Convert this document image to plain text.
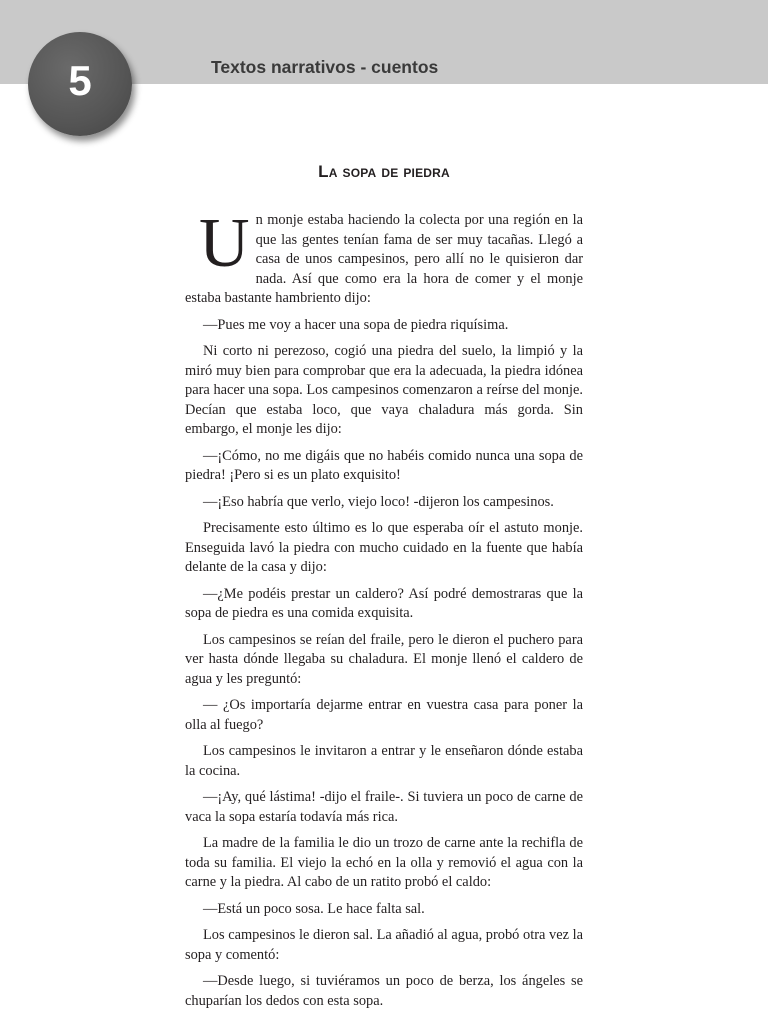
5	Textos narrativos - cuentos
La sopa de piedra

Un monje estaba haciendo la colecta por una región en la que las gentes tenían fama de ser muy tacañas. Llegó a casa de unos campesinos, pero allí no le quisieron dar nada. Así que como era la hora de comer y el monje estaba bastante hambriento dijo:

—Pues me voy a hacer una sopa de piedra riquísima.

Ni corto ni perezoso, cogió una piedra del suelo, la limpió y la miró muy bien para comprobar que era la adecuada, la piedra idónea para hacer una sopa. Los campesinos comenzaron a reírse del monje. Decían que estaba loco, que vaya chaladura más gorda. Sin embargo, el monje les dijo:

—¡Cómo, no me digáis que no habéis comido nunca una sopa de piedra! ¡Pero si es un plato exquisito!

—¡Eso habría que verlo, viejo loco! -dijeron los campesinos.

Precisamente esto último es lo que esperaba oír el astuto monje. Enseguida lavó la piedra con mucho cuidado en la fuente que había delante de la casa y dijo:

—¿Me podéis prestar un caldero? Así podré demostraras que la sopa de piedra es una comida exquisita.

Los campesinos se reían del fraile, pero le dieron el puchero para ver hasta dónde llegaba su chaladura. El monje llenó el caldero de agua y les preguntó:

— ¿Os importaría dejarme entrar en vuestra casa para poner la olla al fuego?

Los campesinos le invitaron a entrar y le enseñaron dónde estaba la cocina.

—¡Ay, qué lástima! -dijo el fraile-. Si tuviera un poco de carne de vaca la sopa estaría todavía más rica.

La madre de la familia le dio un trozo de carne ante la rechifla de toda su familia. El viejo la echó en la olla y removió el agua con la carne y la piedra. Al cabo de un ratito probó el caldo:

—Está un poco sosa. Le hace falta sal.

Los campesinos le dieron sal. La añadió al agua, probó otra vez la sopa y comentó:

—Desde luego, si tuviéramos un poco de berza, los ángeles se chuparían los dedos con esta sopa.
